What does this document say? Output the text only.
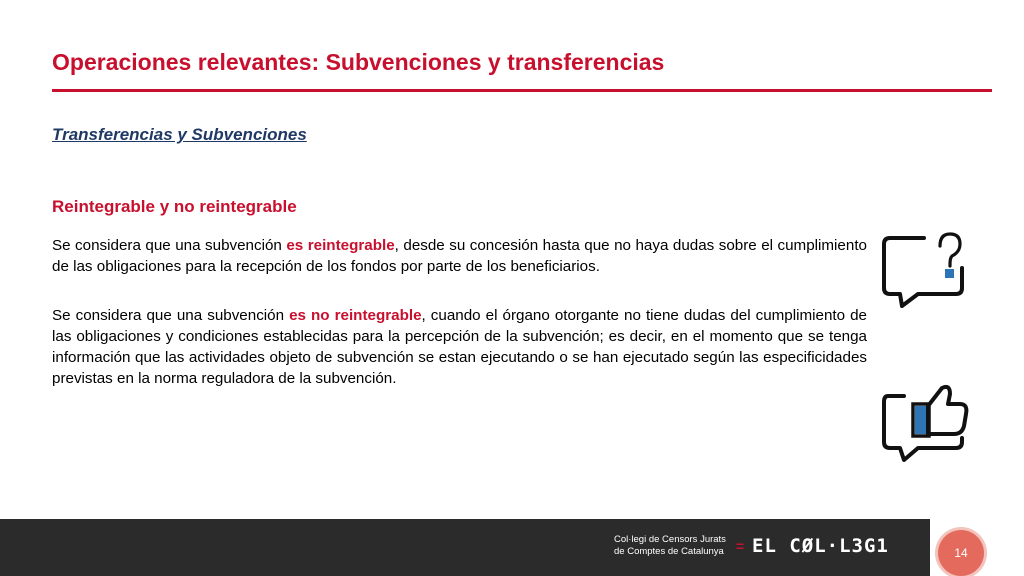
Operaciones relevantes: Subvenciones y transferencias
Transferencias y Subvenciones
Reintegrable y no reintegrable

Se considera que una subvención es reintegrable, desde su concesión hasta que no haya dudas sobre el cumplimiento de las obligaciones para la recepción de los fondos por parte de los beneficiarios.

Se considera que una subvención es no reintegrable, cuando el órgano otorgante no tiene dudas del cumplimiento de las obligaciones y condiciones establecidas para la percepción de la subvención; es decir, en el momento que se tenga información que las actividades objeto de subvención se estan ejecutando o se han ejecutado según las especificidades previstas en la norma reguladora de la subvención.

Col·legi de Censors Jurats
de Comptes de Catalunya = EL CØL·L3G1	14
